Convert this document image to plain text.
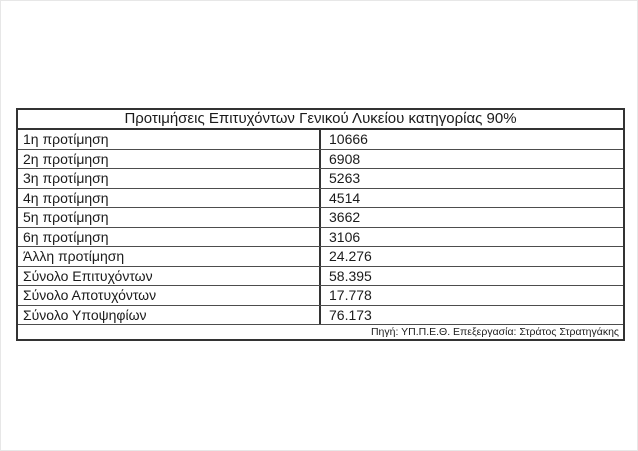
Προτιμήσεις Επιτυχόντων Γενικού Λυκείου κατηγορίας 90%
1η προτίμηση	10666
2η προτίμηση	6908
3η προτίμηση	5263
4η προτίμηση	4514
5η προτίμηση	3662
6η προτίμηση	3106
Άλλη προτίμηση	24.276
Σύνολο Επιτυχόντων	58.395
Σύνολο Αποτυχόντων	17.778
Σύνολο Υποψηφίων	76.173
Πηγή: ΥΠ.Π.Ε.Θ. Επεξεργασία: Στράτος Στρατηγάκης
